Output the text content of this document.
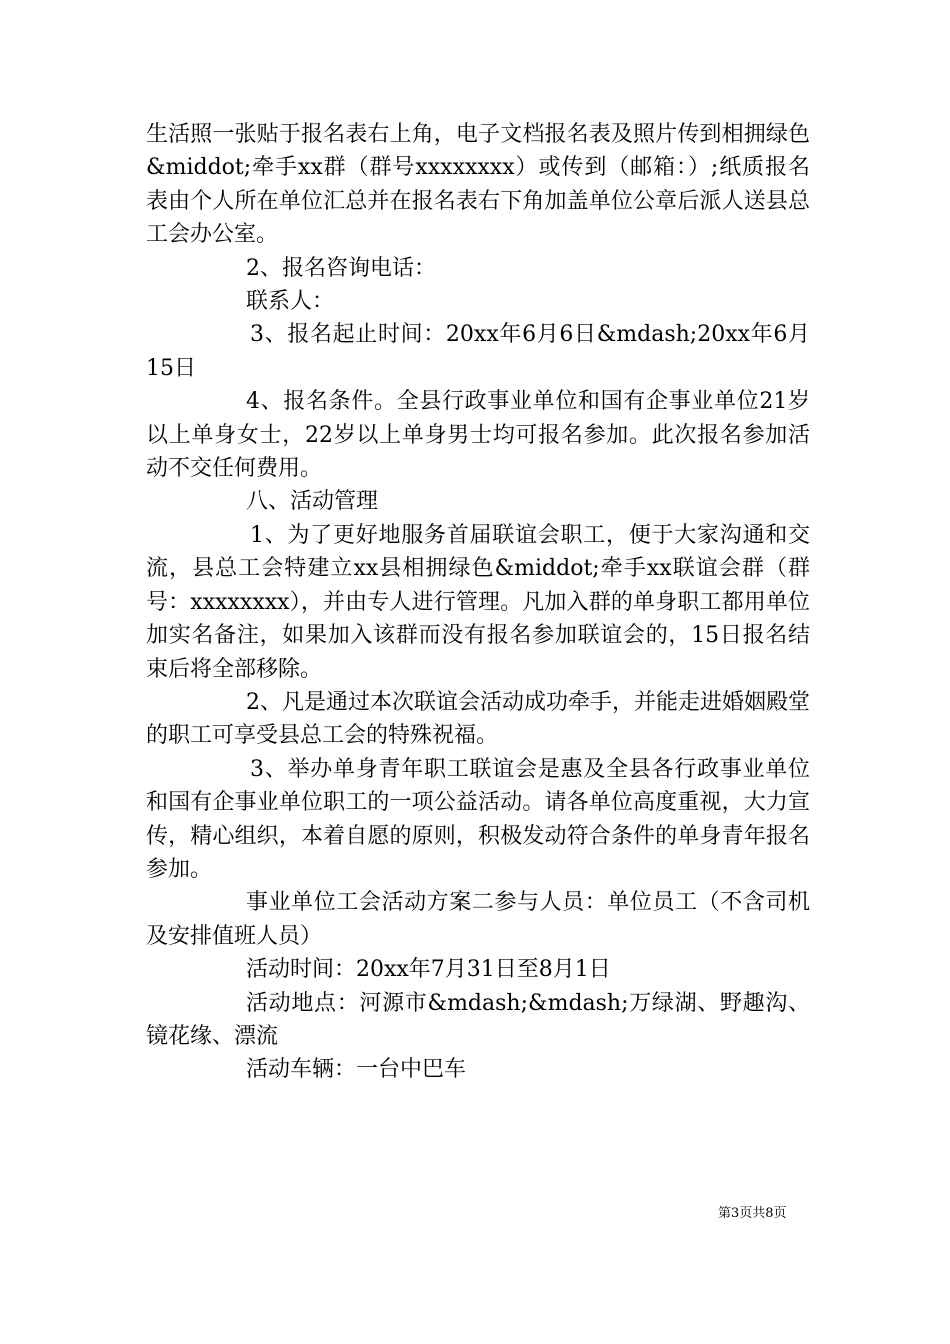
生活照一张贴于报名表右上角，电子文档报名表及照片传到相拥绿色&middot;牵手xx群（群号xxxxxxxx）或传到（邮箱：）;纸质报名表由个人所在单位汇总并在报名表右下角加盖单位公章后派人送县总工会办公室。

2、报名咨询电话：

联系人：

3、报名起止时间：20xx年6月6日&mdash;20xx年6月15日

4、报名条件。全县行政事业单位和国有企事业单位21岁以上单身女士，22岁以上单身男士均可报名参加。此次报名参加活动不交任何费用。

八、活动管理

1、为了更好地服务首届联谊会职工，便于大家沟通和交流，县总工会特建立xx县相拥绿色&middot;牵手xx联谊会群（群号：xxxxxxxx），并由专人进行管理。凡加入群的单身职工都用单位加实名备注，如果加入该群而没有报名参加联谊会的，15日报名结束后将全部移除。

2、凡是通过本次联谊会活动成功牵手，并能走进婚姻殿堂的职工可享受县总工会的特殊祝福。

3、举办单身青年职工联谊会是惠及全县各行政事业单位和国有企事业单位职工的一项公益活动。请各单位高度重视，大力宣传，精心组织，本着自愿的原则，积极发动符合条件的单身青年报名参加。

事业单位工会活动方案二参与人员：单位员工（不含司机及安排值班人员）

活动时间：20xx年7月31日至8月1日

活动地点：河源市&mdash;&mdash;万绿湖、野趣沟、镜花缘、漂流

活动车辆：一台中巴车

第3页共8页
